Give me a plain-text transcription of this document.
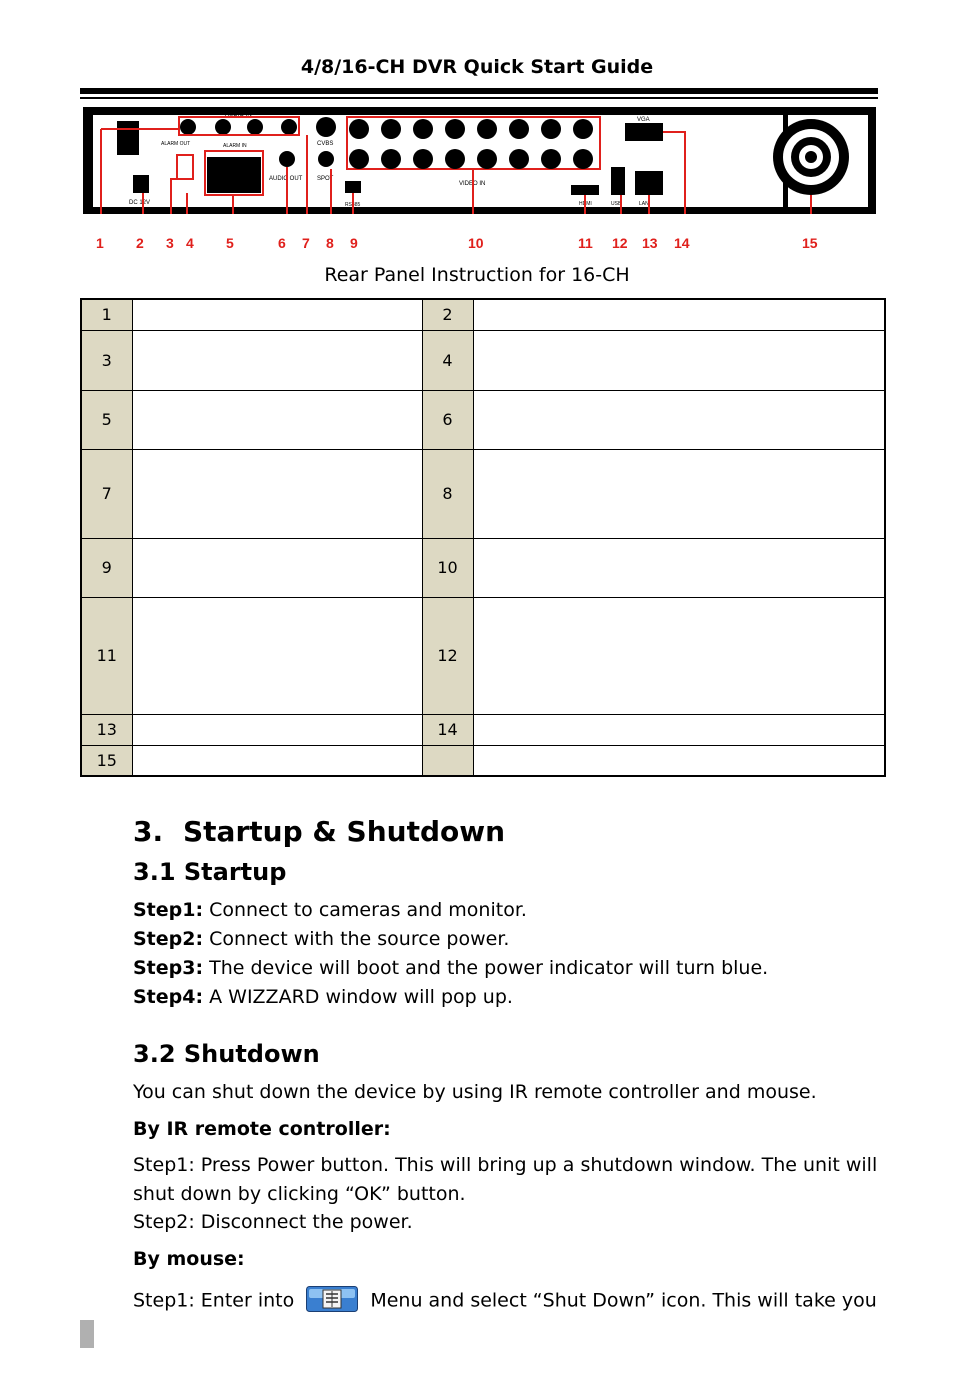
4/8/16-CH DVR Quick Start Guide
DC 12V
AUDIO IN
ALARM OUT	ALARM IN
AUDIO OUT
CVBS
SPOT
RS485
VIDEO IN
HDMI	USB	LAN
VGA
1 2 3 4 5	6 7 8 9	10	11 12 13 14	15
Rear Panel Instruction for 16-CH
1		2	
3		4	
5		6	
7		8	
9		10	
11		12	
13		14	
15			
3. Startup & Shutdown
3.1 Startup
Step1: Connect to cameras and monitor.
Step2: Connect with the source power.
Step3: The device will boot and the power indicator will turn blue.
Step4: A WIZZARD window will pop up.
3.2 Shutdown
You can shut down the device by using IR remote controller and mouse.
By IR remote controller:
Step1: Press Power button. This will bring up a shutdown window. The unit will
shut down by clicking “OK” button.
Step2: Disconnect the power.
By mouse:
Step1: Enter into	Menu and select “Shut Down” icon. This will take you
